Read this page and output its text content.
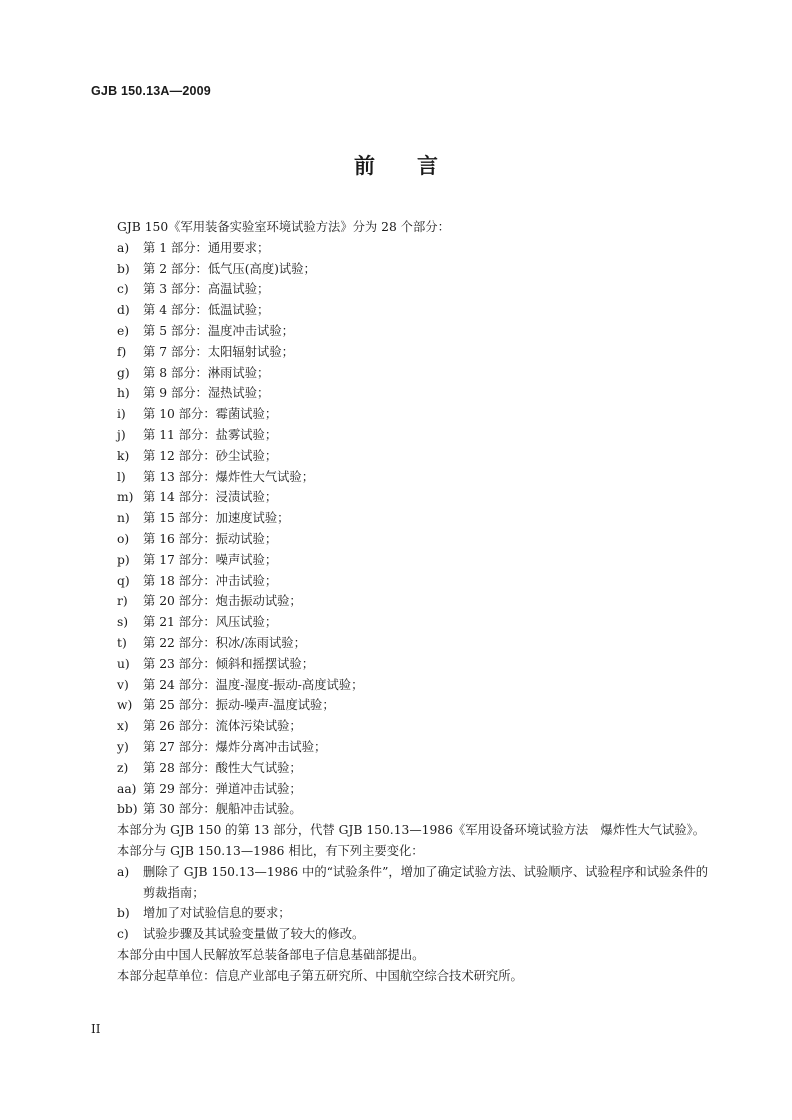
GJB 150.13A—2009
前言
GJB 150《军用装备实验室环境试验方法》分为 28 个部分：
a) 第 1 部分：通用要求；
b) 第 2 部分：低气压(高度)试验；
c) 第 3 部分：高温试验；
d) 第 4 部分：低温试验；
e) 第 5 部分：温度冲击试验；
f) 第 7 部分：太阳辐射试验；
g) 第 8 部分：淋雨试验；
h) 第 9 部分：湿热试验；
i) 第 10 部分：霉菌试验；
j) 第 11 部分：盐雾试验；
k) 第 12 部分：砂尘试验；
l) 第 13 部分：爆炸性大气试验；
m) 第 14 部分：浸渍试验；
n) 第 15 部分：加速度试验；
o) 第 16 部分：振动试验；
p) 第 17 部分：噪声试验；
q) 第 18 部分：冲击试验；
r) 第 20 部分：炮击振动试验；
s) 第 21 部分：风压试验；
t) 第 22 部分：积冰/冻雨试验；
u) 第 23 部分：倾斜和摇摆试验；
v) 第 24 部分：温度-湿度-振动-高度试验；
w) 第 25 部分：振动-噪声-温度试验；
x) 第 26 部分：流体污染试验；
y) 第 27 部分：爆炸分离冲击试验；
z) 第 28 部分：酸性大气试验；
aa) 第 29 部分：弹道冲击试验；
bb) 第 30 部分：舰船冲击试验。
本部分为 GJB 150 的第 13 部分，代替 GJB 150.13—1986《军用设备环境试验方法　爆炸性大气试验》。
本部分与 GJB 150.13—1986 相比，有下列主要变化：
a)	删除了 GJB 150.13—1986 中的“试验条件”，增加了确定试验方法、试验顺序、试验程序和试验条件的剪裁指南；
b)	增加了对试验信息的要求；
c)	试验步骤及其试验变量做了较大的修改。
本部分由中国人民解放军总装备部电子信息基础部提出。
本部分起草单位：信息产业部电子第五研究所、中国航空综合技术研究所。
II
